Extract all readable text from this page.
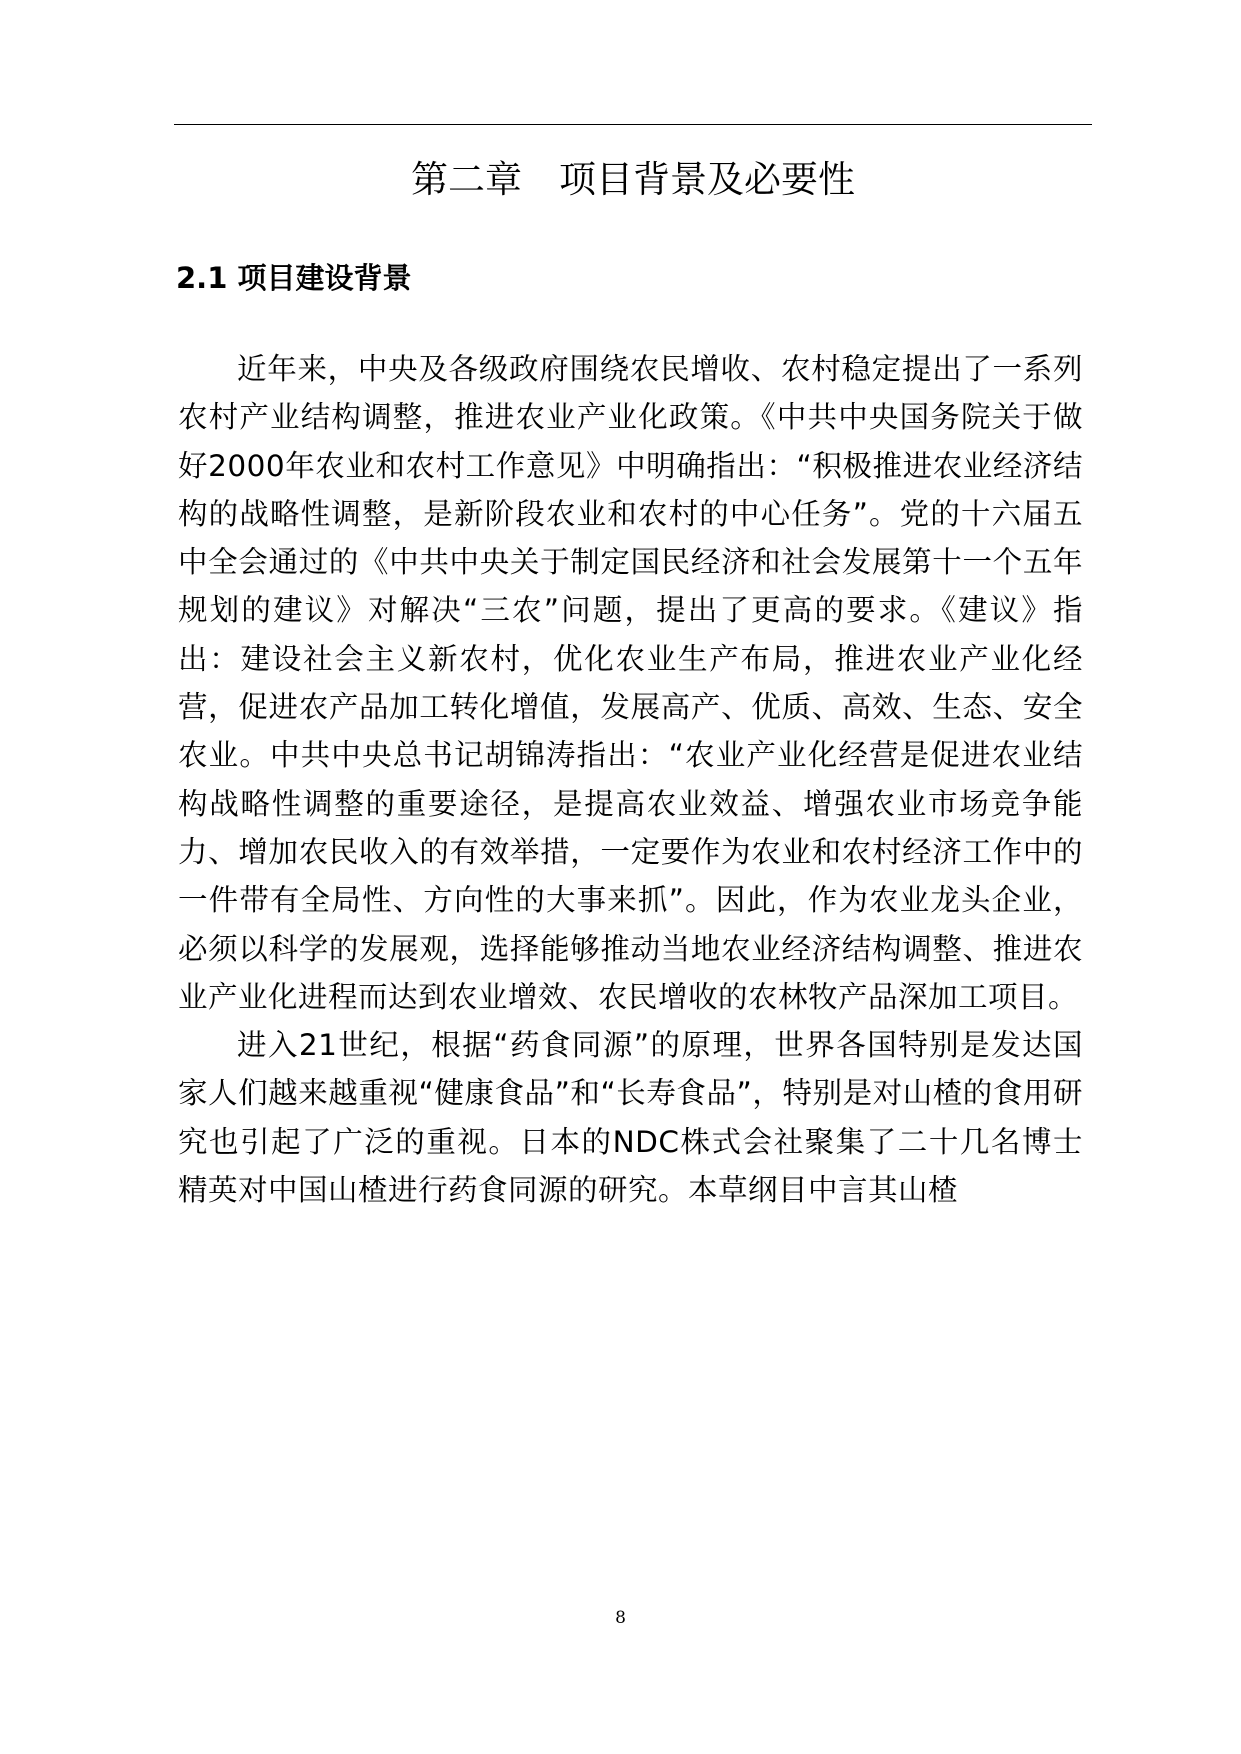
第二章　项目背景及必要性
2.1 项目建设背景

近年来，中央及各级政府围绕农民增收、农村稳定提出了一系列农村产业结构调整，推进农业产业化政策。《中共中央国务院关于做好2000年农业和农村工作意见》中明确指出：“积极推进农业经济结构的战略性调整，是新阶段农业和农村的中心任务”。党的十六届五中全会通过的《中共中央关于制定国民经济和社会发展第十一个五年规划的建议》对解决“三农”问题，提出了更高的要求。《建议》指出：建设社会主义新农村，优化农业生产布局，推进农业产业化经营，促进农产品加工转化增值，发展高产、优质、高效、生态、安全农业。中共中央总书记胡锦涛指出：“农业产业化经营是促进农业结构战略性调整的重要途径，是提高农业效益、增强农业市场竞争能力、增加农民收入的有效举措，一定要作为农业和农村经济工作中的一件带有全局性、方向性的大事来抓”。因此，作为农业龙头企业，必须以科学的发展观，选择能够推动当地农业经济结构调整、推进农业产业化进程而达到农业增效、农民增收的农林牧产品深加工项目。

进入21世纪，根据“药食同源”的原理，世界各国特别是发达国家人们越来越重视“健康食品”和“长寿食品”，特别是对山楂的食用研究也引起了广泛的重视。日本的NDC株式会社聚集了二十几名博士精英对中国山楂进行药食同源的研究。本草纲目中言其山楂

8
